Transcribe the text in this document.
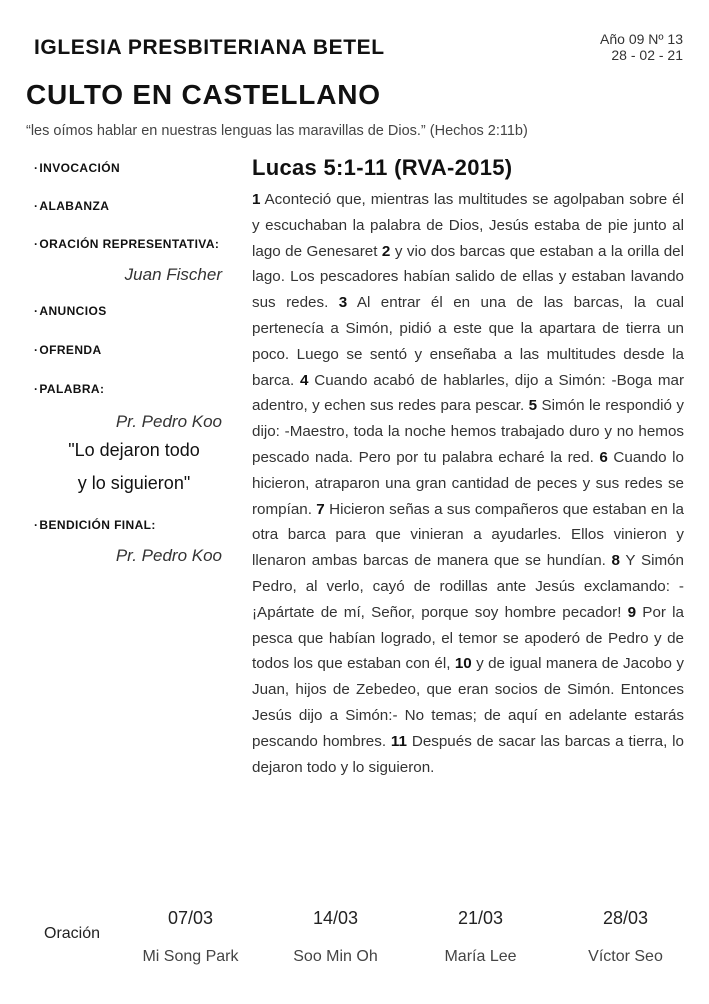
IGLESIA PRESBITERIANA BETEL	Año 09 Nº 13
28 - 02 - 21
CULTO EN CASTELLANO
“les oímos hablar en nuestras lenguas las maravillas de Dios.” (Hechos 2:11b)
· INVOCACIÓN
· ALABANZA
· ORACIÓN REPRESENTATIVA:
Juan Fischer
· ANUNCIOS
· OFRENDA
· PALABRA:
Pr. Pedro Koo
"Lo dejaron todo
y lo siguieron"
· BENDICIÓN FINAL:
Pr. Pedro Koo
Lucas 5:1-11 (RVA-2015)

1 Aconteció que, mientras las multitudes se agolpaban sobre él y escuchaban la palabra de Dios, Jesús estaba de pie junto al lago de Genesaret 2 y vio dos barcas que estaban a la orilla del lago. Los pescadores habían salido de ellas y estaban lavando sus redes. 3 Al entrar él en una de las barcas, la cual pertenecía a Simón, pidió a este que la apartara de tierra un poco. Luego se sentó y enseñaba a las multitudes desde la barca. 4 Cuando acabó de hablarles, dijo a Simón: -Boga mar adentro, y echen sus redes para pescar. 5 Simón le respondió y dijo: -Maestro, toda la noche hemos trabajado duro y no hemos pescado nada. Pero por tu palabra echaré la red. 6 Cuando lo hicieron, atraparon una gran cantidad de peces y sus redes se rompían. 7 Hicieron señas a sus compañeros que estaban en la otra barca para que vinieran a ayudarles. Ellos vinieron y llenaron ambas barcas de manera que se hundían. 8 Y Simón Pedro, al verlo, cayó de rodillas ante Jesús exclamando: -¡Apártate de mí, Señor, porque soy hombre pecador! 9 Por la pesca que habían logrado, el temor se apoderó de Pedro y de todos los que estaban con él, 10 y de igual manera de Jacobo y Juan, hijos de Zebedeo, que eran socios de Simón. Entonces Jesús dijo a Simón:- No temas; de aquí en adelante estarás pescando hombres. 11 Después de sacar las barcas a tierra, lo dejaron todo y lo siguieron.

Oración
07/03
Mi Song Park
14/03
Soo Min Oh
21/03
María Lee
28/03
Víctor Seo
